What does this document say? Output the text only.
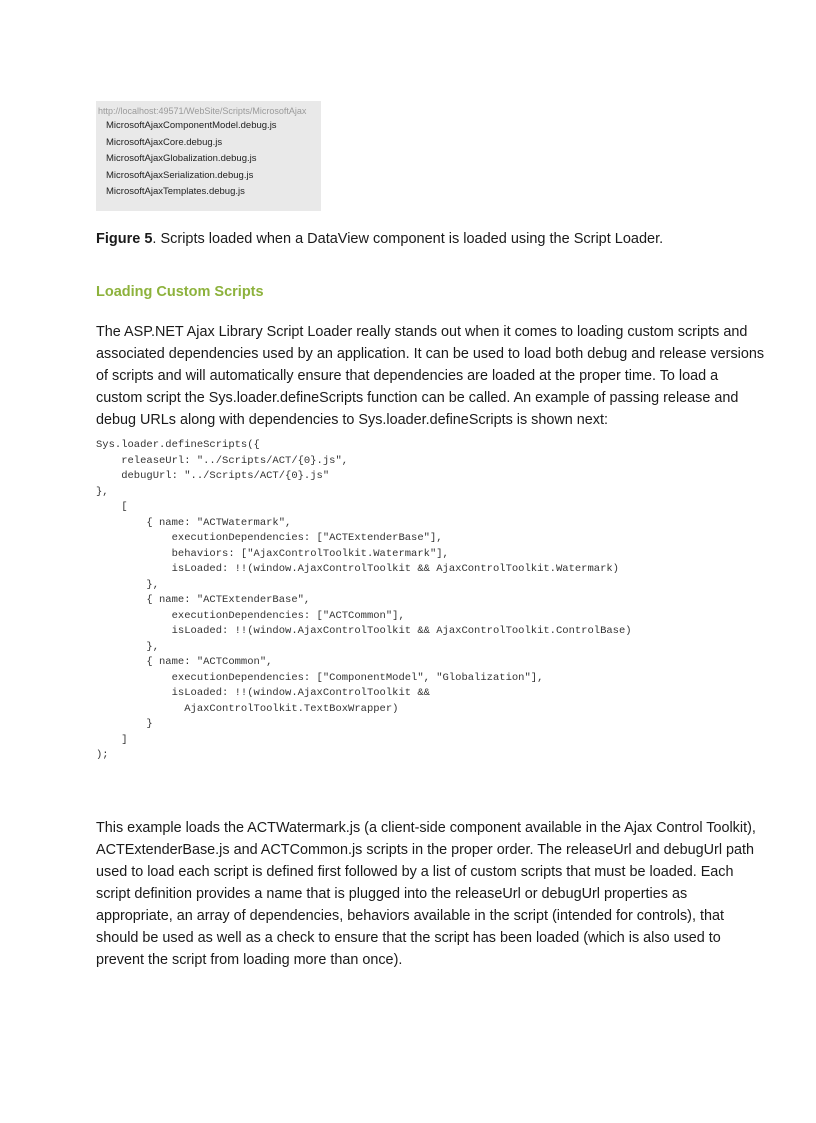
http://localhost:49571/WebSite/Scripts/MicrosoftAjax
MicrosoftAjaxComponentModel.debug.js
MicrosoftAjaxCore.debug.js
MicrosoftAjaxGlobalization.debug.js
MicrosoftAjaxSerialization.debug.js
MicrosoftAjaxTemplates.debug.js
Figure 5. Scripts loaded when a DataView component is loaded using the Script Loader.
Loading Custom Scripts

The ASP.NET Ajax Library Script Loader really stands out when it comes to loading custom scripts and
associated dependencies used by an application. It can be used to load both debug and release versions
of scripts and will automatically ensure that dependencies are loaded at the proper time. To load a
custom script the Sys.loader.defineScripts function can be called. An example of passing release and
debug URLs along with dependencies to Sys.loader.defineScripts is shown next:

Sys.loader.defineScripts({
releaseUrl: "../Scripts/ACT/{0}.js",
debugUrl: "../Scripts/ACT/{0}.js"
},
[
{ name: "ACTWatermark",
executionDependencies: ["ACTExtenderBase"],
behaviors: ["AjaxControlToolkit.Watermark"],
isLoaded: !!(window.AjaxControlToolkit && AjaxControlToolkit.Watermark)
},
{ name: "ACTExtenderBase",
executionDependencies: ["ACTCommon"],
isLoaded: !!(window.AjaxControlToolkit && AjaxControlToolkit.ControlBase)
},
{ name: "ACTCommon",
executionDependencies: ["ComponentModel", "Globalization"],
isLoaded: !!(window.AjaxControlToolkit &&
AjaxControlToolkit.TextBoxWrapper)
}
]
);

This example loads the ACTWatermark.js (a client-side component available in the Ajax Control Toolkit),
ACTExtenderBase.js and ACTCommon.js scripts in the proper order. The releaseUrl and debugUrl path
used to load each script is defined first followed by a list of custom scripts that must be loaded. Each
script definition provides a name that is plugged into the releaseUrl or debugUrl properties as
appropriate, an array of dependencies, behaviors available in the script (intended for controls), that
should be used as well as a check to ensure that the script has been loaded (which is also used to
prevent the script from loading more than once).
